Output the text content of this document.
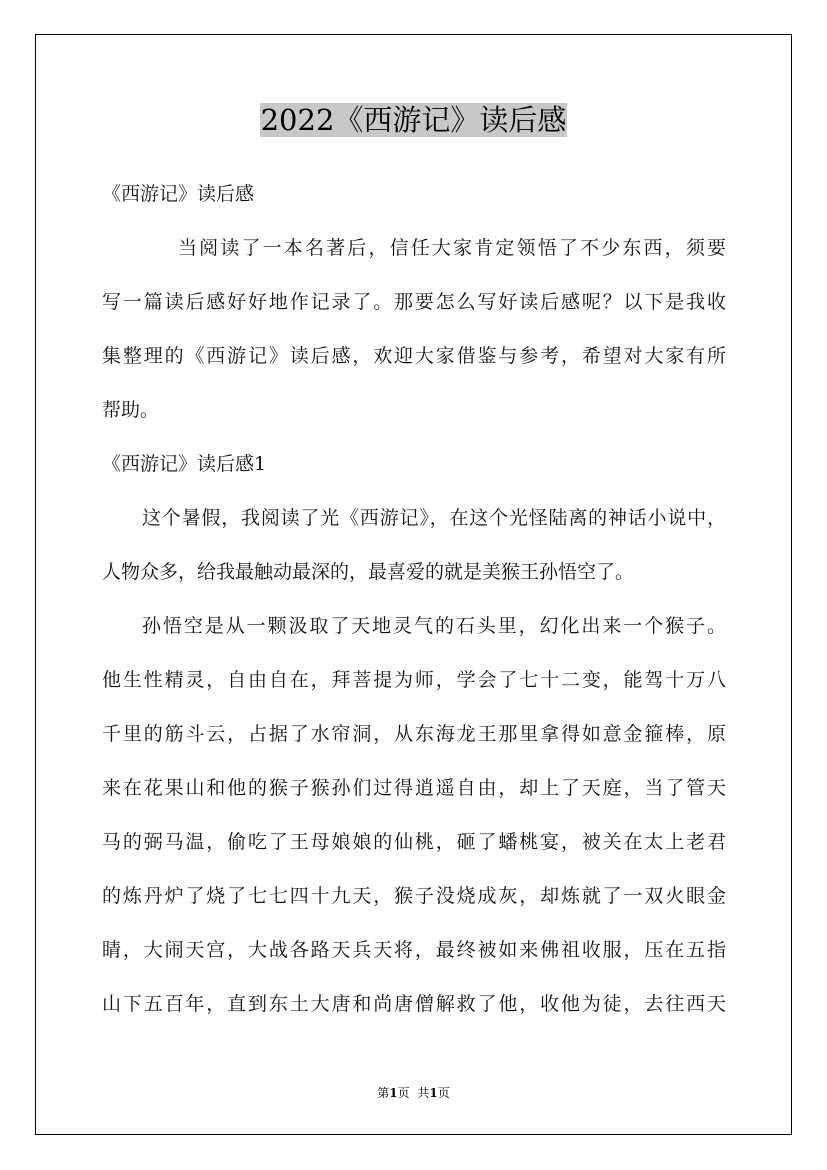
2022《西游记》读后感
《西游记》读后感
当阅读了一本名著后，信任大家肯定领悟了不少东西，须要
写一篇读后感好好地作记录了。那要怎么写好读后感呢？以下是我收
集整理的《西游记》读后感，欢迎大家借鉴与参考，希望对大家有所
帮助。
《西游记》读后感1
这个暑假，我阅读了光《西游记》，在这个光怪陆离的神话小说中，
人物众多，给我最触动最深的，最喜爱的就是美猴王孙悟空了。
孙悟空是从一颗汲取了天地灵气的石头里，幻化出来一个猴子。
他生性精灵，自由自在，拜菩提为师，学会了七十二变，能驾十万八
千里的筋斗云，占据了水帘洞，从东海龙王那里拿得如意金箍棒，原
来在花果山和他的猴子猴孙们过得逍遥自由，却上了天庭，当了管天
马的弼马温，偷吃了王母娘娘的仙桃，砸了蟠桃宴，被关在太上老君
的炼丹炉了烧了七七四十九天，猴子没烧成灰，却炼就了一双火眼金
睛，大闹天宫，大战各路天兵天将，最终被如来佛祖收服，压在五指
山下五百年，直到东土大唐和尚唐僧解救了他，收他为徒，去往西天
第1页 共1页
